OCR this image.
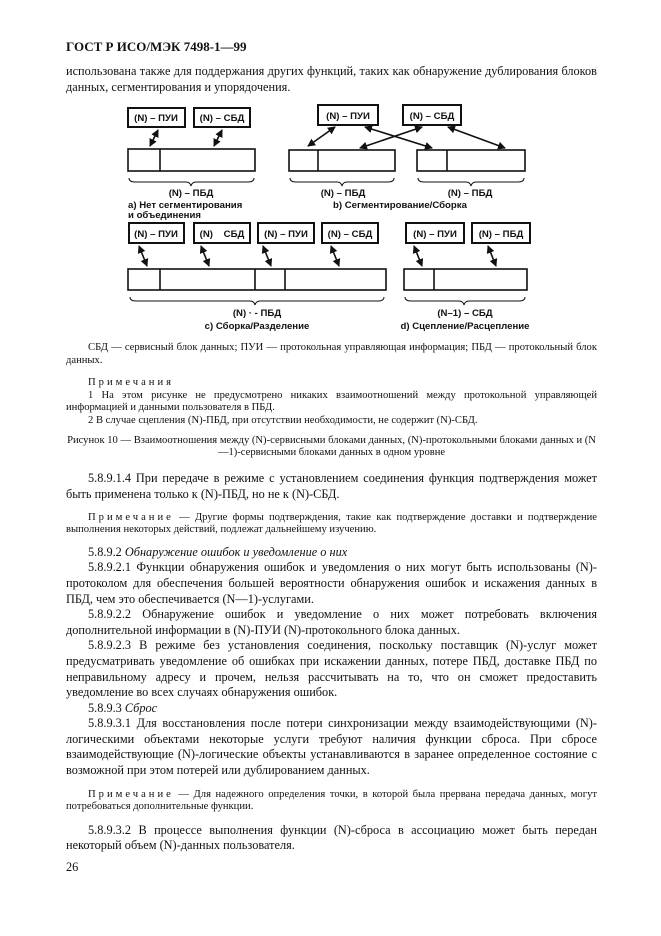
ГОСТ Р ИСО/МЭК 7498-1—99
использована также для поддержания других функций, таких как обнаружение дублирования блоков данных, сегментирования и упорядочения.
(N) – ПУИ (N) – СБД
(N) – ПБД
a) Нет сегментирования
и объединения
(N) – ПУИ	(N) – СБД
(N) – ПБД	(N) – ПБД
b) Сегментирование/Сборка
(N) – ПУИ (N)    СБД (N) – ПУИ (N) – СБД
(N) · - ПБД
c) Сборка/Разделение
(N) – ПУИ (N) – ПБД
(N–1) – СБД
d) Сцепление/Расцепление
СБД — сервисный блок данных; ПУИ — протокольная управляющая информация; ПБД — протокольный блок данных.
Примечания
1 На этом рисунке не предусмотрено никаких взаимоотношений между протокольной управляющей информацией и данными пользователя в ПБД.
2 В случае сцепления (N)-ПБД, при отсутствии необходимости, не содержит (N)-СБД.
Рисунок 10 — Взаимоотношения между (N)-сервисными блоками данных, (N)-протокольными блоками данных и (N—1)-сервисными блоками данных в одном уровне
5.8.9.1.4 При передаче в режиме с установлением соединения функция подтверждения может быть применена только к (N)-ПБД, но не к (N)-СБД.
Примечание — Другие формы подтверждения, такие как подтверждение доставки и подтверждение выполнения некоторых действий, подлежат дальнейшему изучению.
5.8.9.2 Обнаружение ошибок и уведомление о них
5.8.9.2.1 Функции обнаружения ошибок и уведомления о них могут быть использованы (N)-протоколом для обеспечения большей вероятности обнаружения ошибок и искажения данных в ПБД, чем это обеспечивается (N—1)-услугами.
5.8.9.2.2 Обнаружение ошибок и уведомление о них может потребовать включения дополнительной информации в (N)-ПУИ (N)-протокольного блока данных.
5.8.9.2.3 В режиме без установления соединения, поскольку поставщик (N)-услуг может предусматривать уведомление об ошибках при искажении данных, потере ПБД, доставке ПБД по неправильному адресу и прочем, нельзя рассчитывать на то, что он сможет предоставить уведомление во всех случаях обнаружения ошибок.
5.8.9.3 Сброс
5.8.9.3.1 Для восстановления после потери синхронизации между взаимодействующими (N)-логическими объектами некоторые услуги требуют наличия функции сброса. При сбросе взаимодействующие (N)-логические объекты устанавливаются в заранее определенное состояние с возможной при этом потерей или дублированием данных.
Примечание — Для надежного определения точки, в которой была прервана передача данных, могут потребоваться дополнительные функции.
5.8.9.3.2 В процессе выполнения функции (N)-сброса в ассоциацию может быть передан некоторый объем (N)-данных пользователя.
26
